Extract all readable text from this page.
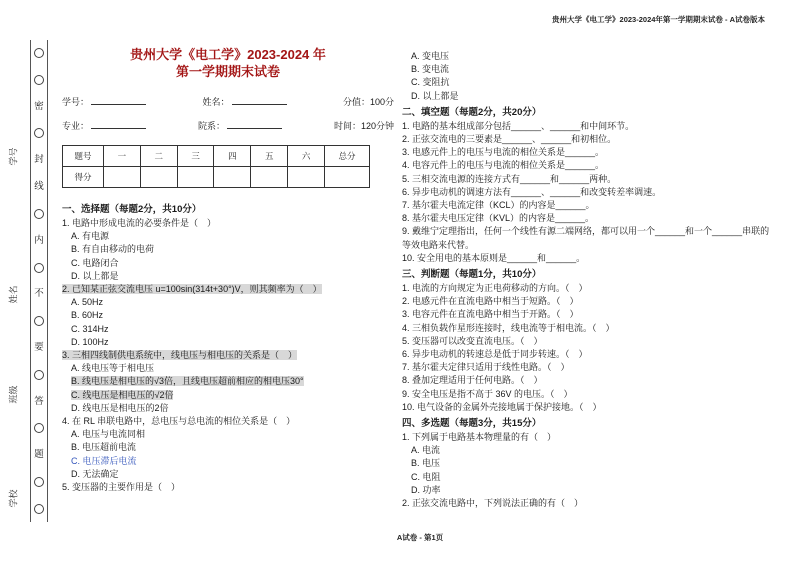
贵州大学《电工学》2023-2024年第一学期期末试卷 - A试卷版本
学号
姓名
班级
学校
密
封
线
内
不
要
答
题
贵州大学《电工学》2023-2024 年
第一学期期末试卷
学号：	姓名：	分值：100分
专业：	院系：	时间：120分钟
题号	一	二	三	四	五	六	总分
得分							
一、选择题（每题2分，共10分）
1. 电路中形成电流的必要条件是（　）
A. 有电源
B. 有自由移动的电荷
C. 电路闭合
D. 以上都是
2. 已知某正弦交流电压 u=100sin(314t+30°)V，则其频率为（　）
A. 50Hz
B. 60Hz
C. 314Hz
D. 100Hz
3. 三相四线制供电系统中，线电压与相电压的关系是（　）
A. 线电压等于相电压
B. 线电压是相电压的√3倍，且线电压超前相应的相电压30°
C. 线电压是相电压的√2倍
D. 线电压是相电压的2倍
4. 在 RL 串联电路中，总电压与总电流的相位关系是（　）
A. 电压与电流同相
B. 电压超前电流
C. 电压滞后电流
D. 无法确定
5. 变压器的主要作用是（　）
A. 变电压
B. 变电流
C. 变阻抗
D. 以上都是
二、填空题（每题2分，共20分）
1. 电路的基本组成部分包括______、______和中间环节。
2. 正弦交流电的三要素是______、______和初相位。
3. 电感元件上的电压与电流的相位关系是______。
4. 电容元件上的电压与电流的相位关系是______。
5. 三相交流电源的连接方式有______和______两种。
6. 异步电动机的调速方法有______、______和改变转差率调速。
7. 基尔霍夫电流定律（KCL）的内容是______。
8. 基尔霍夫电压定律（KVL）的内容是______。
9. 戴维宁定理指出，任何一个线性有源二端网络，都可以用一个______和一个______串联的等效电路来代替。
10. 安全用电的基本原则是______和______。
三、判断题（每题1分，共10分）
1. 电流的方向规定为正电荷移动的方向。（　）
2. 电感元件在直流电路中相当于短路。（　）
3. 电容元件在直流电路中相当于开路。（　）
4. 三相负载作星形连接时，线电流等于相电流。（　）
5. 变压器可以改变直流电压。（　）
6. 异步电动机的转速总是低于同步转速。（　）
7. 基尔霍夫定律只适用于线性电路。（　）
8. 叠加定理适用于任何电路。（　）
9. 安全电压是指不高于 36V 的电压。（　）
10. 电气设备的金属外壳接地属于保护接地。（　）
四、多选题（每题3分，共15分）
1. 下列属于电路基本物理量的有（　）
A. 电流
B. 电压
C. 电阻
D. 功率
2. 正弦交流电路中，下列说法正确的有（　）
A试卷 - 第1页
